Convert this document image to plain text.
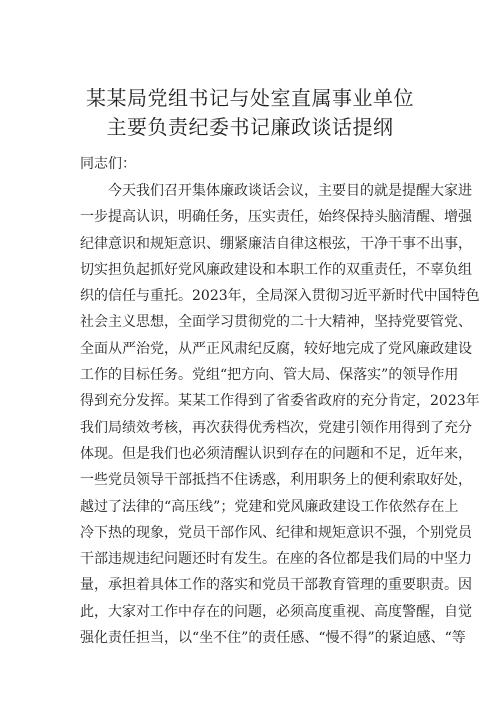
某某局党组书记与处室直属事业单位
主要负责纪委书记廉政谈话提纲
同志们：
今天我们召开集体廉政谈话会议，主要目的就是提醒大家进
一步提高认识，明确任务，压实责任，始终保持头脑清醒、增强
纪律意识和规矩意识、绷紧廉洁自律这根弦，干净干事不出事，
切实担负起抓好党风廉政建设和本职工作的双重责任，不辜负组
织的信任与重托。2023年，全局深入贯彻习近平新时代中国特色
社会主义思想，全面学习贯彻党的二十大精神，坚持党要管党、
全面从严治党，从严正风肃纪反腐，较好地完成了党风廉政建设
工作的目标任务。党组“把方向、管大局、保落实”的领导作用
得到充分发挥。某某工作得到了省委省政府的充分肯定，2023年
我们局绩效考核，再次获得优秀档次，党建引领作用得到了充分
体现。但是我们也必须清醒认识到存在的问题和不足，近年来，
一些党员领导干部抵挡不住诱惑，利用职务上的便利索取好处，
越过了法律的“高压线”；党建和党风廉政建设工作依然存在上
冷下热的现象，党员干部作风、纪律和规矩意识不强，个别党员
干部违规违纪问题还时有发生。在座的各位都是我们局的中坚力
量，承担着具体工作的落实和党员干部教育管理的重要职责。因
此，大家对工作中存在的问题，必须高度重视、高度警醒，自觉
强化责任担当，以“坐不住”的责任感、“慢不得”的紧迫感、“等
